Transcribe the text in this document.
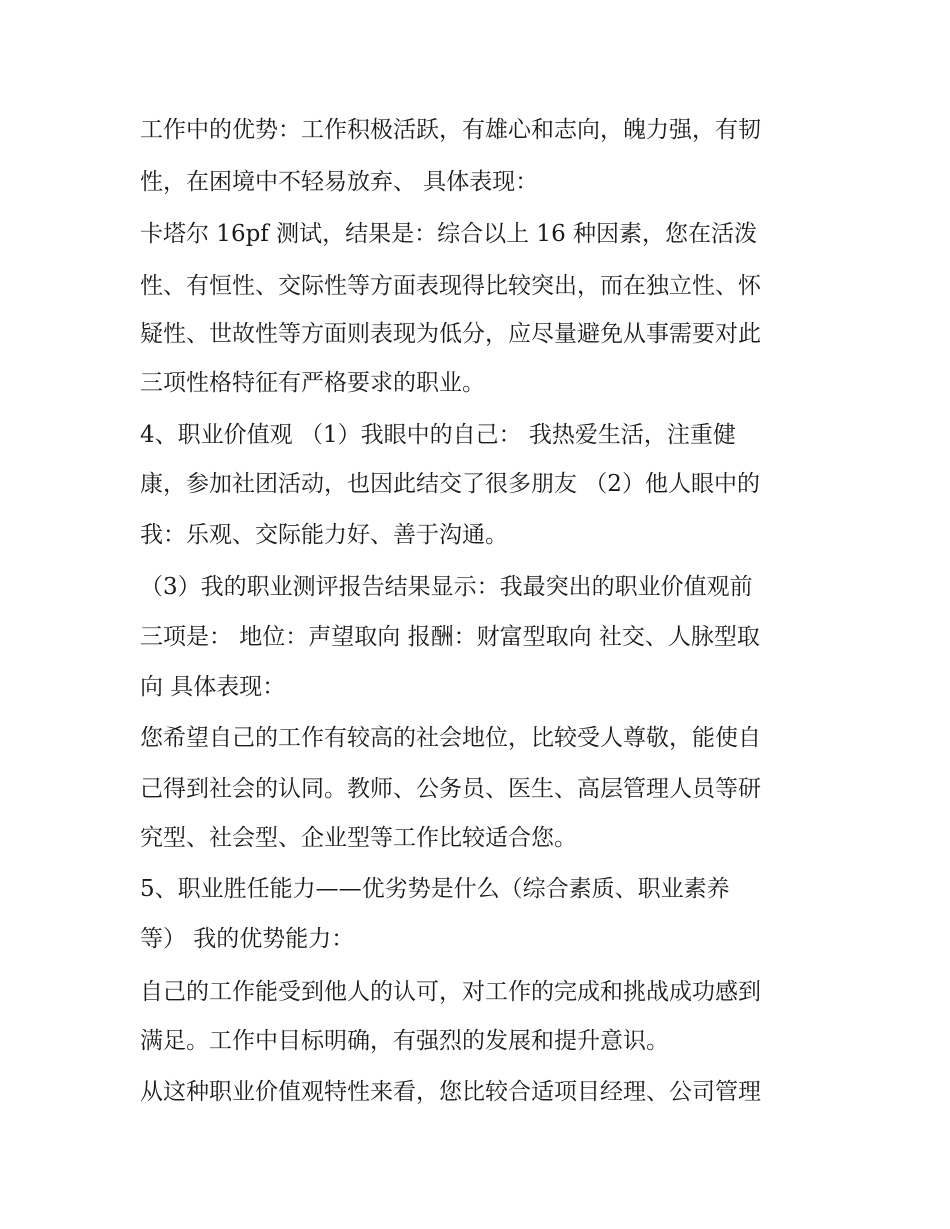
工作中的优势：工作积极活跃，有雄心和志向，魄力强，有韧

性，在困境中不轻易放弃、 具体表现：

卡塔尔 16pf 测试，结果是：综合以上 16 种因素，您在活泼

性、有恒性、交际性等方面表现得比较突出，而在独立性、怀

疑性、世故性等方面则表现为低分，应尽量避免从事需要对此

三项性格特征有严格要求的职业。

4、职业价值观 （1）我眼中的自己： 我热爱生活，注重健

康，参加社团活动，也因此结交了很多朋友 （2）他人眼中的

我：乐观、交际能力好、善于沟通。

（3）我的职业测评报告结果显示：我最突出的职业价值观前

三项是： 地位：声望取向 报酬：财富型取向 社交、人脉型取

向 具体表现：

您希望自己的工作有较高的社会地位，比较受人尊敬，能使自

己得到社会的认同。教师、公务员、医生、高层管理人员等研

究型、社会型、企业型等工作比较适合您。

5、职业胜任能力——优劣势是什么（综合素质、职业素养

等） 我的优势能力：

自己的工作能受到他人的认可，对工作的完成和挑战成功感到

满足。工作中目标明确，有强烈的发展和提升意识。

从这种职业价值观特性来看，您比较合适项目经理、公司管理
